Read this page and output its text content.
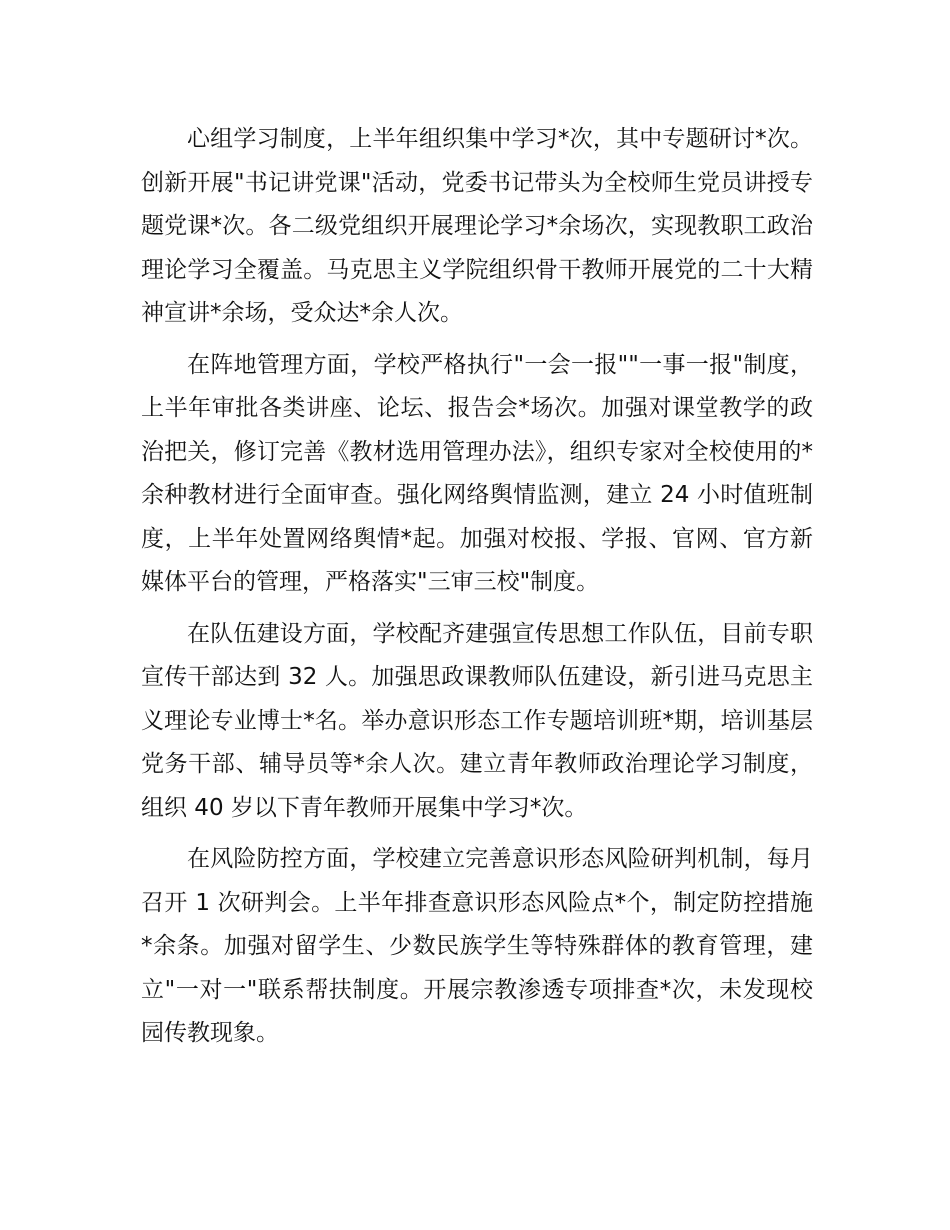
心组学习制度，上半年组织集中学习*次，其中专题研讨*次。创新开展"书记讲党课"活动，党委书记带头为全校师生党员讲授专题党课*次。各二级党组织开展理论学习*余场次，实现教职工政治理论学习全覆盖。马克思主义学院组织骨干教师开展党的二十大精神宣讲*余场，受众达*余人次。

在阵地管理方面，学校严格执行"一会一报""一事一报"制度，上半年审批各类讲座、论坛、报告会*场次。加强对课堂教学的政治把关，修订完善《教材选用管理办法》，组织专家对全校使用的*余种教材进行全面审查。强化网络舆情监测，建立 24 小时值班制度，上半年处置网络舆情*起。加强对校报、学报、官网、官方新媒体平台的管理，严格落实"三审三校"制度。

在队伍建设方面，学校配齐建强宣传思想工作队伍，目前专职宣传干部达到 32 人。加强思政课教师队伍建设，新引进马克思主义理论专业博士*名。举办意识形态工作专题培训班*期，培训基层党务干部、辅导员等*余人次。建立青年教师政治理论学习制度，组织 40 岁以下青年教师开展集中学习*次。

在风险防控方面，学校建立完善意识形态风险研判机制，每月召开 1 次研判会。上半年排查意识形态风险点*个，制定防控措施*余条。加强对留学生、少数民族学生等特殊群体的教育管理，建立"一对一"联系帮扶制度。开展宗教渗透专项排查*次，未发现校园传教现象。
